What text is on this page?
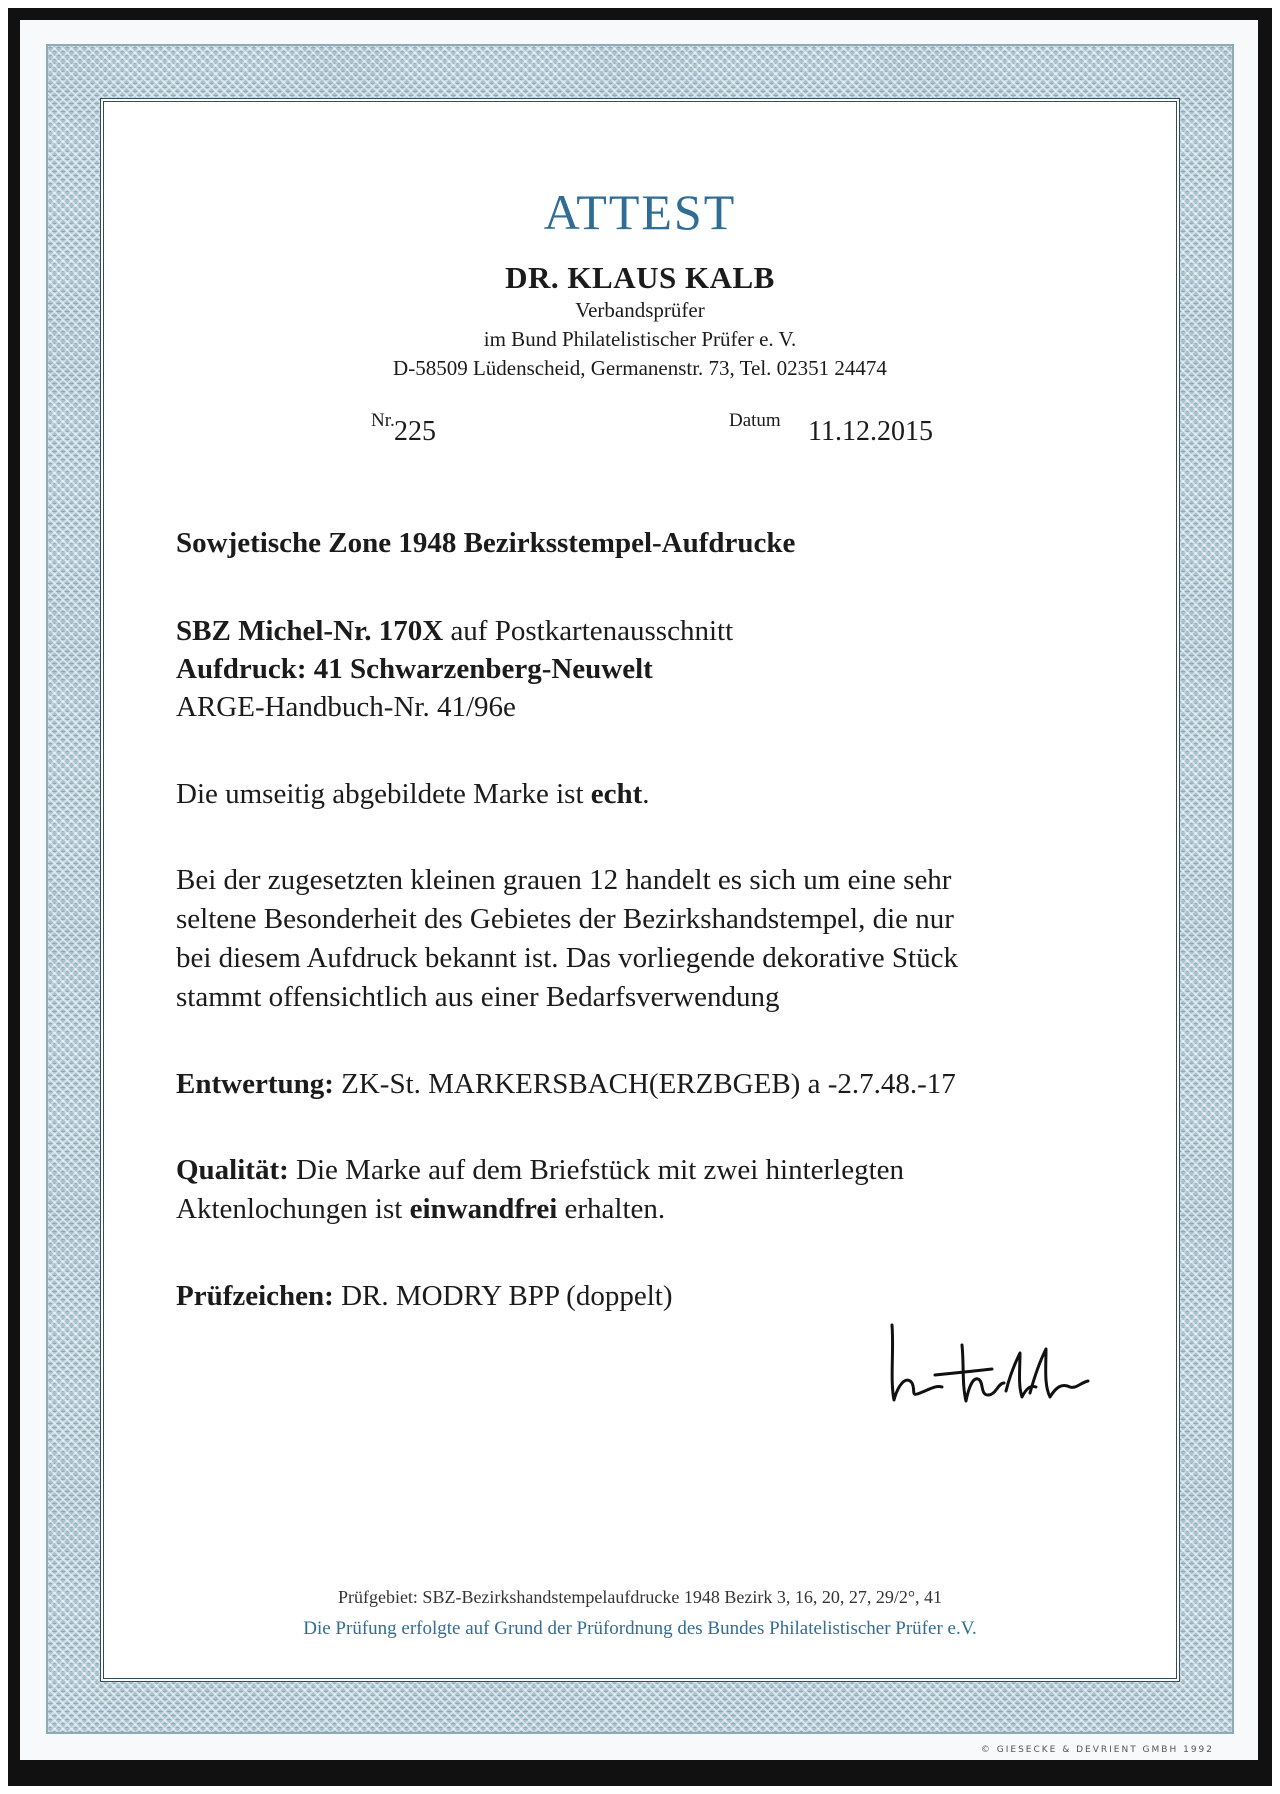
ATTEST
DR. KLAUS KALB
Verbandsprüfer
im Bund Philatelistischer Prüfer e. V.
D-58509 Lüdenscheid, Germanenstr. 73, Tel. 02351 24474
Nr. 225	Datum 11.12.2015
Sowjetische Zone 1948 Bezirksstempel-Aufdrucke
SBZ Michel-Nr. 170X auf Postkartenausschnitt
Aufdruck: 41 Schwarzenberg-Neuwelt
ARGE-Handbuch-Nr. 41/96e
Die umseitig abgebildete Marke ist echt.
Bei der zugesetzten kleinen grauen 12 handelt es sich um eine sehr
seltene Besonderheit des Gebietes der Bezirkshandstempel, die nur
bei diesem Aufdruck bekannt ist. Das vorliegende dekorative Stück
stammt offensichtlich aus einer Bedarfsverwendung
Entwertung: ZK-St. MARKERSBACH(ERZBGEB) a -2.7.48.-17
Qualität: Die Marke auf dem Briefstück mit zwei hinterlegten
Aktenlochungen ist einwandfrei erhalten.
Prüfzeichen: DR. MODRY BPP (doppelt)
Prüfgebiet: SBZ-Bezirkshandstempelaufdrucke 1948 Bezirk 3, 16, 20, 27, 29/2°, 41
Die Prüfung erfolgte auf Grund der Prüfordnung des Bundes Philatelistischer Prüfer e.V.
© GIESECKE & DEVRIENT GMBH 1992
